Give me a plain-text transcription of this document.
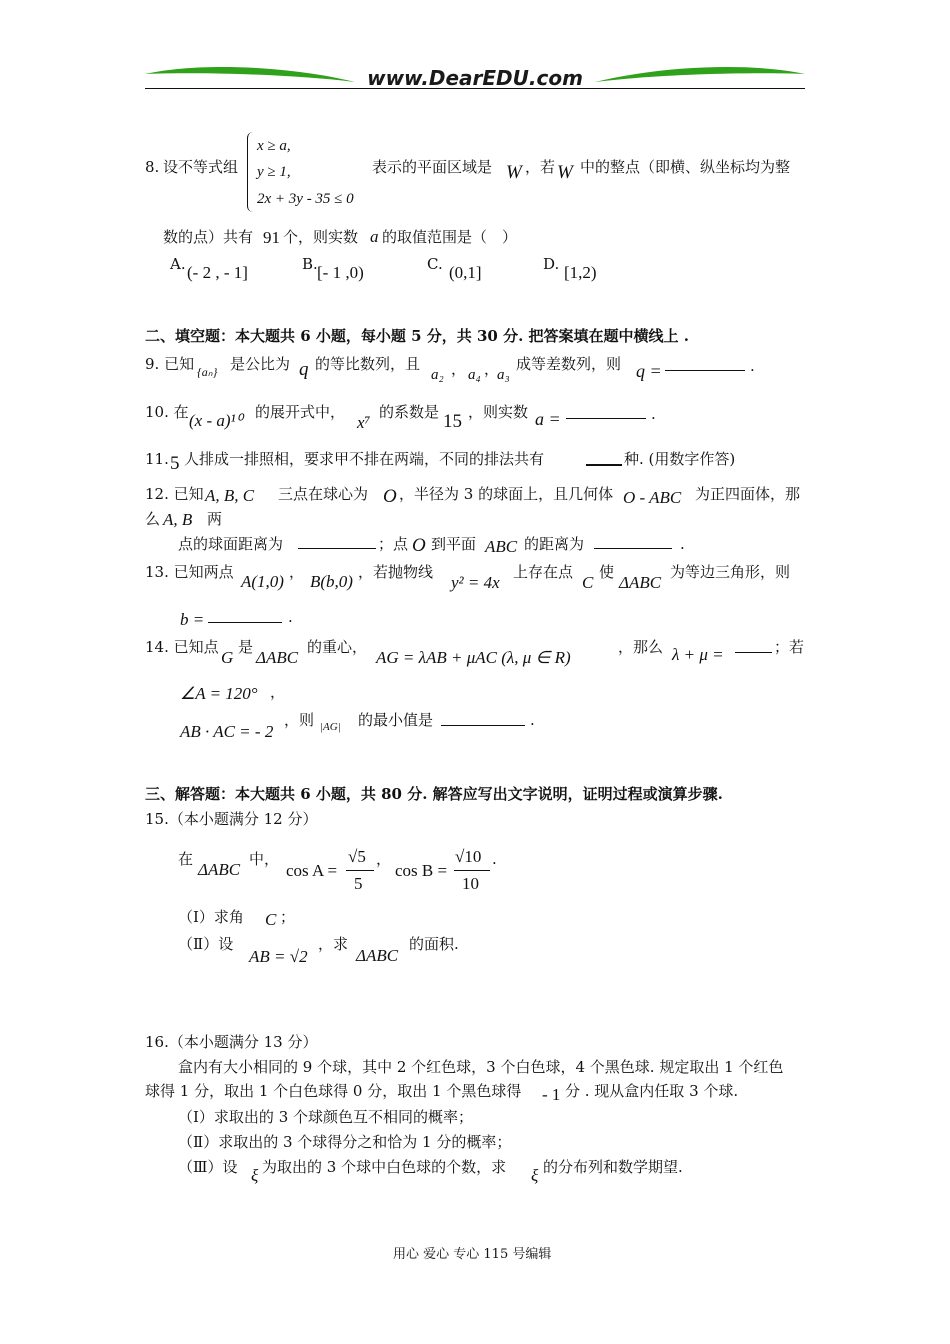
www.DearEDU.com
8. 设不等式组
x ≥ a,
y ≥ 1,
2x + 3y - 35 ≤ 0
表示的平面区域是 W ，若 W 中的整点（即横、纵坐标均为整
数的点）共有 91 个，则实数 a 的取值范围是（　）
A. (- 2 , - 1]	B. [- 1 ,0)	C. (0,1]	D. [1,2)
二、填空题：本大题共 6 小题，每小题 5 分，共 30 分. 把答案填在题中横线上 .
9. 已知 {aₙ} 是公比为 q 的等比数列，且
a₂ ， a₄ ，
a₃
成等差数列，则 q =	.
10. 在 (x - a)¹⁰ 的展开式中，
x⁷
的系数是 15 ，则实数 a =	.
11. 5 人排成一排照相，要求甲不排在两端，不同的排法共有	种. (用数字作答)
12. 已知 A, B, C 三点在球心为 O ，半径为 3 的球面上，且几何体 O - ABC 为正四面体，那
么 A, B 两
点的球面距离为	；点 O 到平面 ABC 的距离为	.
13. 已知两点 A(1,0) ， B(b,0) ，若抛物线
y² = 4x
上存在点
C
使
ΔABC
为等边三角形，则
b =	.
14. 已知点
G
是
ΔABC
的重心，
AG = λAB + μAC (λ, μ ∈ R)
，那么 λ + μ =	；若
∠A = 120° ，
AB · AC = - 2
，则 |AG| 的最小值是	.
三、解答题：本大题共 6 小题，共 80 分. 解答应写出文字说明，证明过程或演算步骤.
15.（本小题满分 12 分）
在
ΔABC
中，
cos A =
√5
5
，
cos B =
√10
10
.
（Ⅰ）求角 C ；
（Ⅱ）设
AB = √2
，求
ΔABC
的面积.
16.（本小题满分 13 分）
盒内有大小相同的 9 个球，其中 2 个红色球，3 个白色球，4 个黑色球. 规定取出 1 个红色
球得 1 分，取出 1 个白色球得 0 分，取出 1 个黑色球得 - 1 分 . 现从盒内任取 3 个球.
（Ⅰ）求取出的 3 个球颜色互不相同的概率；
（Ⅱ）求取出的 3 个球得分之和恰为 1 分的概率；
（Ⅲ）设 ξ 为取出的 3 个球中白色球的个数，求 ξ 的分布列和数学期望.
用心 爱心 专心 115 号编辑
